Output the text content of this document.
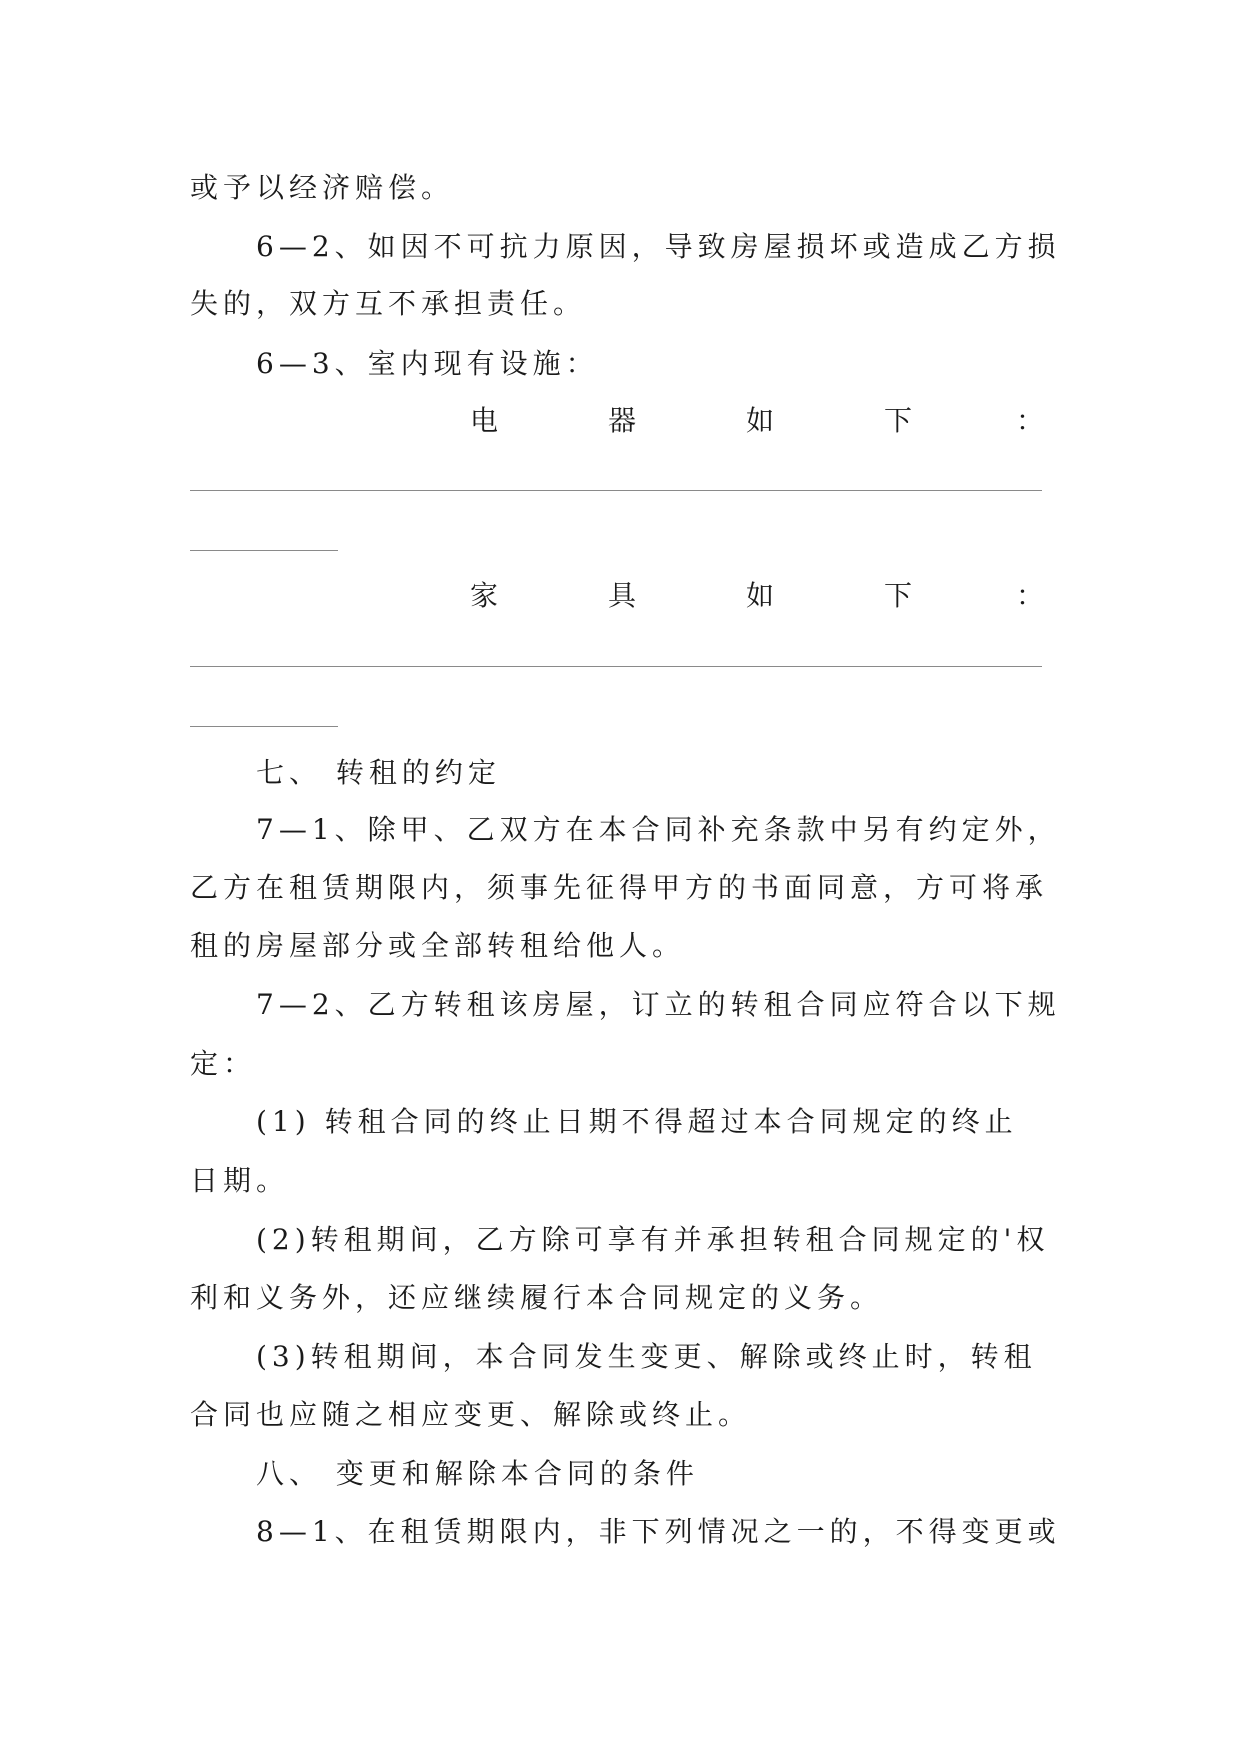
或予以经济赔偿。
6—2、如因不可抗力原因，导致房屋损坏或造成乙方损
失的，双方互不承担责任。
6—3、室内现有设施：
电	器	如	下	：
家	具	如	下	：
七、 转租的约定
7—1、除甲、乙双方在本合同补充条款中另有约定外，
乙方在租赁期限内，须事先征得甲方的书面同意，方可将承
租的房屋部分或全部转租给他人。
7—2、乙方转租该房屋，订立的转租合同应符合以下规
定：
(1) 转租合同的终止日期不得超过本合同规定的终止
日期。
(2)转租期间，乙方除可享有并承担转租合同规定的'权
利和义务外，还应继续履行本合同规定的义务。
(3)转租期间，本合同发生变更、解除或终止时，转租
合同也应随之相应变更、解除或终止。
八、 变更和解除本合同的条件
8—1、在租赁期限内，非下列情况之一的，不得变更或
